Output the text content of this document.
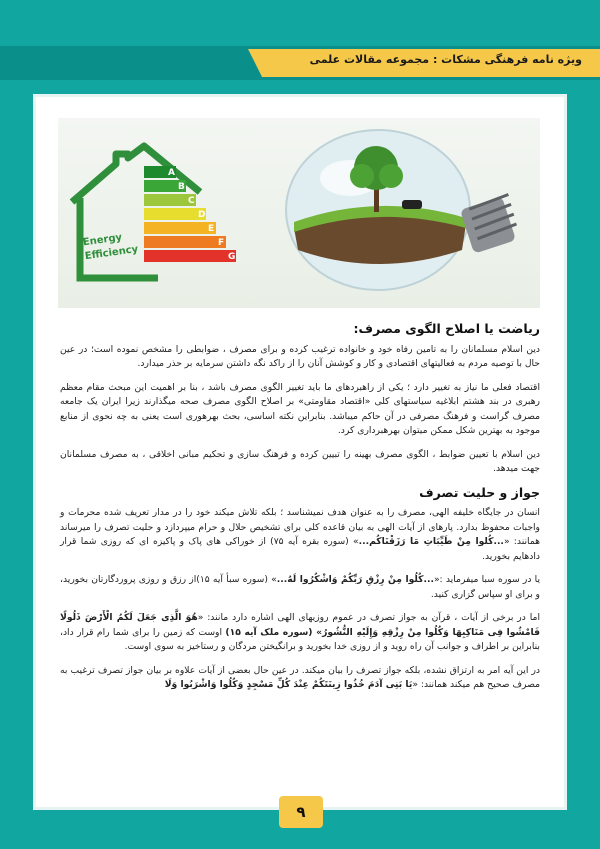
ویژه نامه فرهنگی مشکات : مجموعه مقالات علمی
A
B
C
D
E
F
G
Energy
Efficiency
ریاضت یا اصلاح الگوی مصرف:

دین اسلام مسلمانان را به تامین رفاه خود و خانواده ترغیب کرده و برای مصرف ، ضوابطی را مشخص نموده است؛ در عین حال با توصیه مردم به فعالیتهای اقتصادی و کار و کوشش آنان را از راکد نگه داشتن سرمایه بر حذر میدارد.

اقتصاد فعلی ما نیاز به تغییر دارد ؛ یکی از راهبردهای ما باید تغییر الگوی مصرف باشد ، بنا بر اهمیت این مبحث مقام معظم رهبری در بند هشتم ابلاغیه سیاستهای کلی «اقتصاد مقاومتی» بر اصلاح الگوی مصرف صحه میگذارند زیرا ایران یک جامعه مصرف گراست و فرهنگ مصرفی در آن حاکم میباشد. بنابراین نکته اساسی، بحث بهرهوری است یعنی به چه نحوی از منابع موجود به بهترین شکل ممکن میتوان بهرهبرداری کرد.

دین اسلام با تعیین ضوابط ، الگوی مصرف بهینه را تبیین کرده و فرهنگ سازی و تحکیم مبانی اخلاقی ، به مصرف مسلمانان جهت میدهد.

جواز و حلیت تصرف

انسان در جایگاه خلیفه الهی، مصرف را به عنوان هدف نمیشناسد ؛ بلکه تلاش میکند خود را در مدار تعریف شده محرمات و واجبات محفوظ بدارد. پارهای از آیات الهی به بیان قاعده کلی برای تشخیص حلال و حرام میپردازد و حلیت تصرف را میرساند همانند: «...کُلوا مِنْ طَیِّبَاتِ مَا رَزَقْنَاکُم...» (سوره بقره آیه ۷۵) از خوراکی های پاک و پاکیزه ای که روزی شما قرار دادهایم بخورید.

یا در سوره سبا میفرماید :«...کُلُوا مِنْ رِزْقِ رَبِّکُمْ وَاشْکُرُوا لَهُ...» (سوره سبأ آیه ۱۵)از رزق و روزی پروردگارتان بخورید، و برای او سپاس گزاری کنید.

اما در برخی از آیات ، قرآن به جواز تصرف در عموم روزیهای الهی اشاره دارد مانند: «هُوَ الَّذِی جَعَلَ لَکُمُ الْأَرْضَ ذَلُولًا فَامْشُوا فِی مَنَاکِبِهَا وَکُلُوا مِنْ رِزْقِهِ وَإِلَیْهِ النُّشُورُ» (سوره ملک آیه ۱۵) اوست که زمین را برای شما رام قرار داد، بنابراین بر اطراف و جوانب آن راه روید و از روزی خدا بخورید و برانگیختن مردگان و رستاخیز به سوی اوست.

در این آیه امر به ارتزاق نشده، بلکه جواز تصرف را بیان میکند. در عین حال بعضی از آیات علاوه بر بیان جواز تصرف ترغیب به مصرف صحیح هم میکند همانند: «یَا بَنِی آدَمَ خُذُوا زِینَتَکُمْ عِنْدَ کُلِّ مَسْجِدٍ وَکُلُوا وَاشْرَبُوا وَلَا

۹
